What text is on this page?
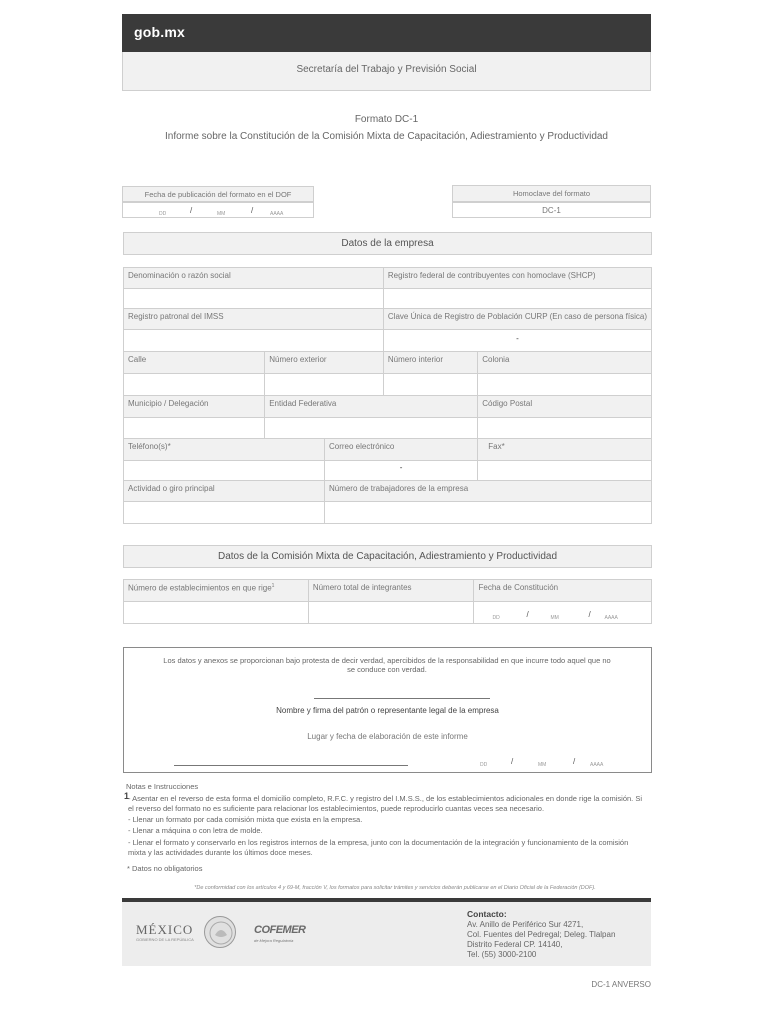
gob.mx
Secretaría del Trabajo y Previsión Social
Formato DC-1
Informe sobre la Constitución de la Comisión Mixta de Capacitación, Adiestramiento y Productividad
Fecha de publicación del formato en el DOF
DD	/	MM	/	AAAA
Homoclave del formato
DC-1
Datos de la empresa
Denominación o razón social			Registro federal de contribuyentes con homoclave (SHCP)	

Registro patronal del IMSS			Clave Única de Registro de Población CURP (En caso de persona física)	

			-	

Calle	Número exterior		Número interior	Colonia

Municipio / Delegación	Entidad Federativa			Código Postal

Teléfono(s)*		Correo electrónico		Fax*

		-		

Actividad o giro principal		Número de trabajadores de la empresa		

Datos de la Comisión Mixta de Capacitación, Adiestramiento y Productividad
Número de establecimientos en que rige$^1$	Número total de integrantes	Fecha de Constitución

		DD / MM / AAAA
Los datos y anexos se proporcionan bajo protesta de decir verdad, apercibidos de la responsabilidad en que incurre todo aquel que no se conduce con verdad.
Nombre y firma del patrón o representante legal de la empresa
Lugar y fecha de elaboración de este informe
DD	/	MM	/	AAAA
Notas e Instrucciones
1
- Asentar en el reverso de esta forma el domicilio completo, R.F.C. y registro del I.M.S.S., de los establecimientos adicionales en donde rige la comisión. Si el reverso del formato no es suficiente para relacionar los establecimientos, puede reproducirlo cuantas veces sea necesario.
- Llenar un formato por cada comisión mixta que exista en la empresa.
- Llenar a máquina o con letra de molde.
- Llenar el formato y conservarlo en los registros internos de la empresa, junto con la documentación de la integración y funcionamiento de la comisión mixta y las actividades durante los últimos doce meses.
* Datos no obligatorios
*De conformidad con los artículos 4 y 69-M, fracción V, los formatos para solicitar trámites y servicios deberán publicarse en el Diario Oficial de la Federación (DOF).
MÉXICO
GOBIERNO DE LA REPÚBLICA
COFEMER
de Mejora Regulatoria
Contacto:
Av. Anillo de Periférico Sur 4271,
Col. Fuentes del Pedregal; Deleg. Tlalpan
Distrito Federal CP. 14140,
Tel. (55) 3000-2100
DC-1 ANVERSO
